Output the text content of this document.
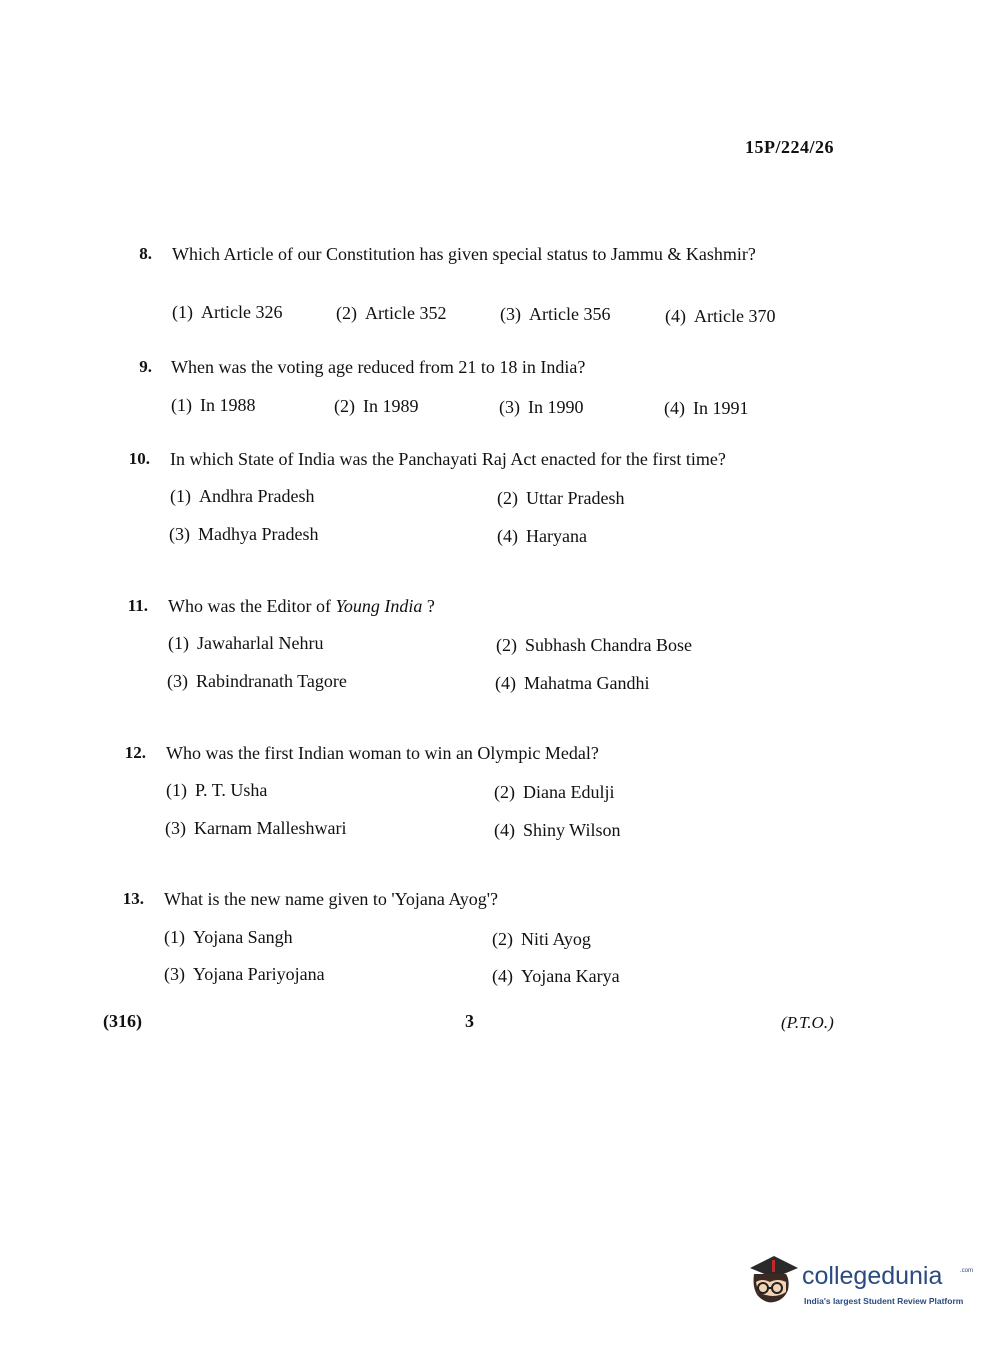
15P/224/26
8. Which Article of our Constitution has given special status to Jammu & Kashmir?
(1) Article 326	(2) Article 352	(3) Article 356	(4) Article 370
9. When was the voting age reduced from 21 to 18 in India?
(1) In 1988	(2) In 1989	(3) In 1990	(4) In 1991
10. In which State of India was the Panchayati Raj Act enacted for the first time?
(1) Andhra Pradesh	(2) Uttar Pradesh
(3) Madhya Pradesh	(4) Haryana
11. Who was the Editor of Young India ?
(1) Jawaharlal Nehru	(2) Subhash Chandra Bose
(3) Rabindranath Tagore	(4) Mahatma Gandhi
12. Who was the first Indian woman to win an Olympic Medal?
(1) P. T. Usha	(2) Diana Edulji
(3) Karnam Malleshwari	(4) Shiny Wilson
13. What is the new name given to 'Yojana Ayog'?
(1) Yojana Sangh	(2) Niti Ayog
(3) Yojana Pariyojana	(4) Yojana Karya
(316)	3	(P.T.O.)
collegedunia	.com
India's largest Student Review Platform
